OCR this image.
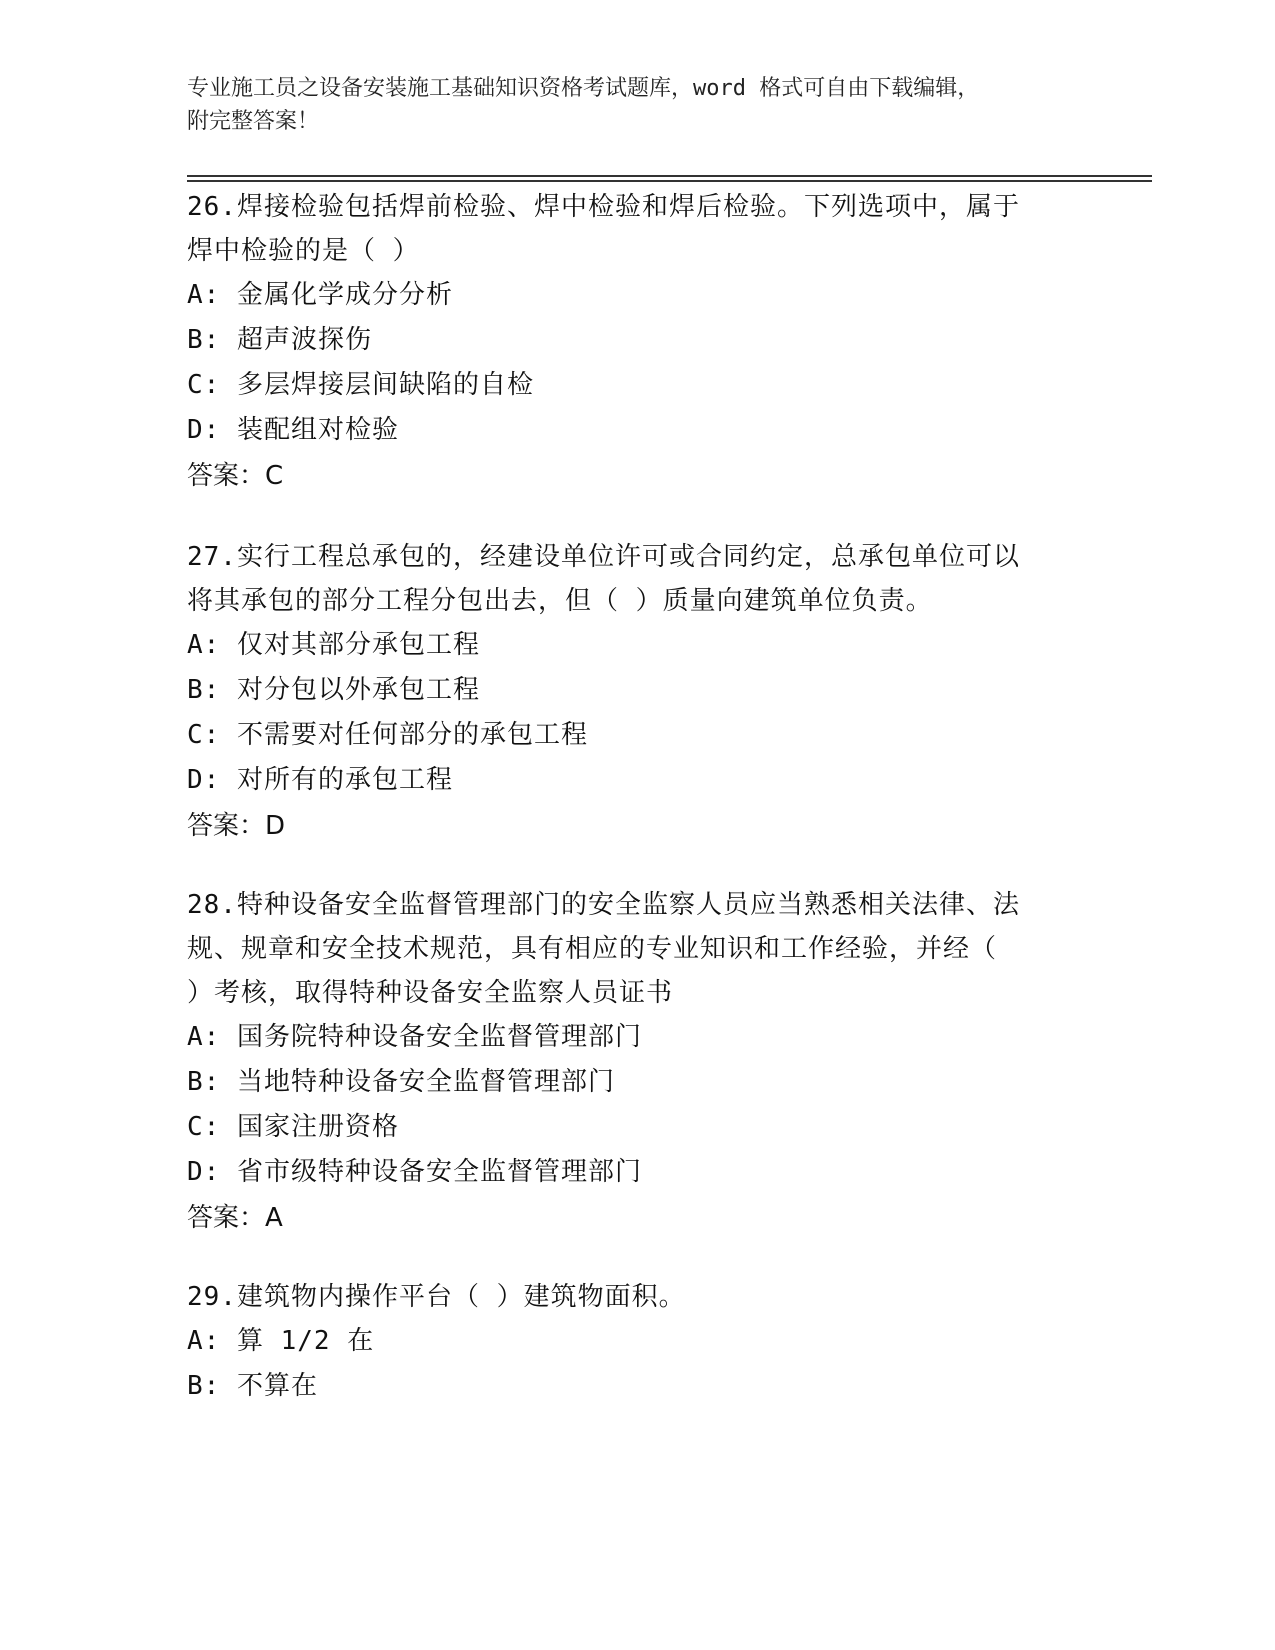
专业施工员之设备安装施工基础知识资格考试题库，word 格式可自由下载编辑，
附完整答案！
26.焊接检验包括焊前检验、焊中检验和焊后检验。下列选项中，属于
焊中检验的是（ ）
A: 金属化学成分分析
B: 超声波探伤
C: 多层焊接层间缺陷的自检
D: 装配组对检验
答案：C
27.实行工程总承包的，经建设单位许可或合同约定，总承包单位可以
将其承包的部分工程分包出去，但（ ）质量向建筑单位负责。
A: 仅对其部分承包工程
B: 对分包以外承包工程
C: 不需要对任何部分的承包工程
D: 对所有的承包工程
答案：D
28.特种设备安全监督管理部门的安全监察人员应当熟悉相关法律、法
规、规章和安全技术规范，具有相应的专业知识和工作经验，并经（
）考核，取得特种设备安全监察人员证书
A: 国务院特种设备安全监督管理部门
B: 当地特种设备安全监督管理部门
C: 国家注册资格
D: 省市级特种设备安全监督管理部门
答案：A
29.建筑物内操作平台（ ）建筑物面积。
A: 算 1/2 在
B: 不算在
